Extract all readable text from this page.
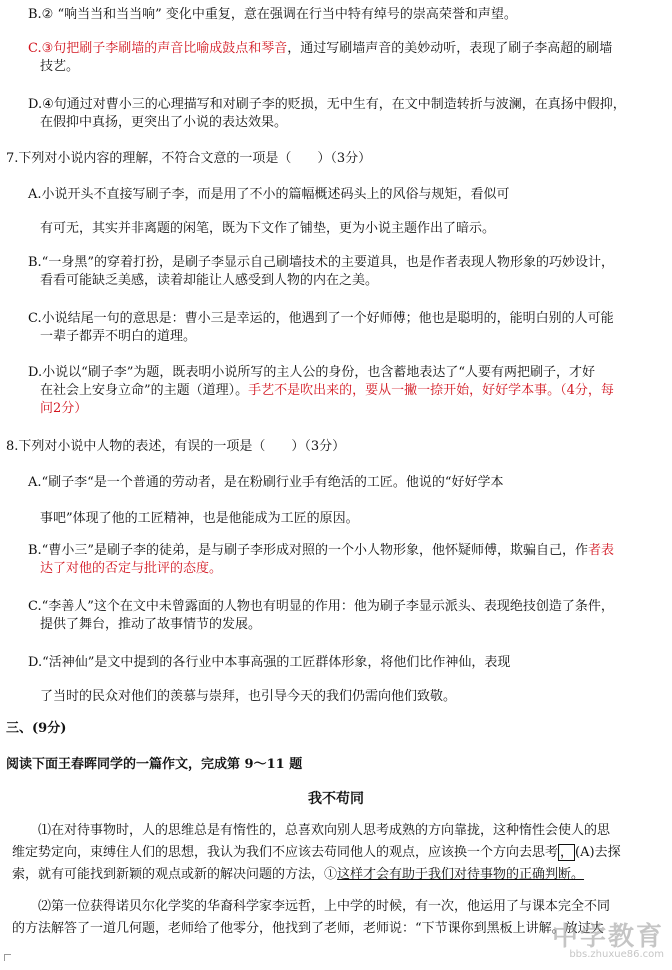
B.② “响当当和当当响” 变化中重复，意在强调在行当中特有绰号的崇高荣誉和声望。
C.③句把刷子李刷墙的声音比喻成鼓点和琴音，通过写刷墙声音的美妙动听，表现了刷子李高超的刷墙
技艺。
D.④句通过对曹小三的心理描写和对刷子李的贬损，无中生有，在文中制造转折与波澜，在真扬中假抑，
在假抑中真扬，更突出了小说的表达效果。
7.下列对小说内容的理解，不符合文意的一项是（　　）（3分）
A.小说开头不直接写刷子李，而是用了不小的篇幅概述码头上的风俗与规矩，看似可
有可无，其实并非离题的闲笔，既为下文作了铺垫，更为小说主题作出了暗示。
B.“一身黑”的穿着打扮，是刷子李显示自己刷墙技术的主要道具，也是作者表现人物形象的巧妙设计，
看看可能缺乏美感，读着却能让人感受到人物的内在之美。
C.小说结尾一句的意思是：曹小三是幸运的，他遇到了一个好师傅；他也是聪明的，能明白别的人可能
一辈子都弄不明白的道理。
D.小说以“刷子李”为题，既表明小说所写的主人公的身份，也含蓄地表达了“人要有两把刷子，才好
在社会上安身立命”的主题（道理）。手艺不是吹出来的，要从一撇一捺开始，好好学本事。（4分，每
问2分）
8.下列对小说中人物的表述，有误的一项是（　　）（3分）
A.“刷子李“是一个普通的劳动者，是在粉刷行业手有绝活的工匠。他说的“好好学本
事吧”体现了他的工匠精神，也是他能成为工匠的原因。
B.“曹小三”是刷子李的徒弟，是与刷子李形成对照的一个小人物形象，他怀疑师傅，欺骗自己，作者表
达了对他的否定与批评的态度。
C.“李善人”这个在文中未曾露面的人物也有明显的作用：他为刷子李显示派头、表现绝技创造了条件，
提供了舞台，推动了故事情节的发展。
D.“活神仙”是文中提到的各行业中本事高强的工匠群体形象，将他们比作神仙，表现
了当时的民众对他们的羡慕与崇拜，也引导今天的我们仍需向他们致敬。
三、(9分)
阅读下面王春晖同学的一篇作文，完成第 9～11 题
我不苟同
　　⑴在对待事物时，人的思维总是有惰性的，总喜欢向别人思考成熟的方向靠拢，这种惰性会使人的思
维定势定向，束缚住人们的思想，我认为我们不应该去苟同他人的观点，应该换一个方向去思考 ， (A)去探
索，就有可能找到新颖的观点或新的解决问题的方法，①这样才会有助于我们对待事物的正确判断。
　　⑵第一位获得诺贝尔化学奖的华裔科学家李远哲，上中学的时候，有一次，他运用了与课本完全不同
的方法解答了一道几何题，老师给了他零分，他找到了老师，老师说：“下节课你到黑板上讲解。放过大
中学教育
bbs.zhuxue86.com
